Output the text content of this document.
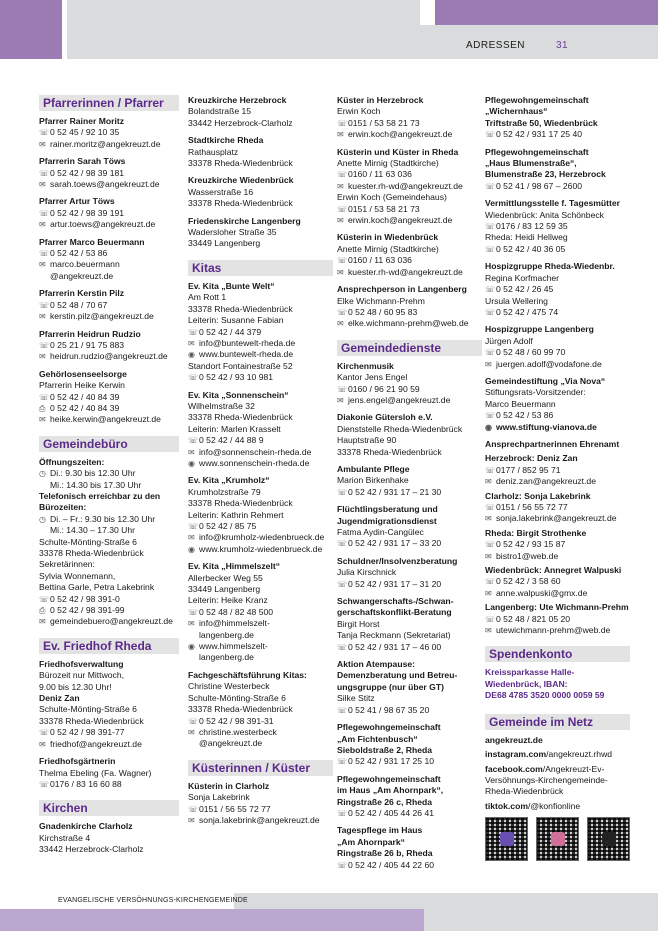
ADRESSEN	31
EVANGELISCHE VERSÖHNUNGS-KIRCHENGEMEINDE
Pfarrerinnen / Pfarrer
Pfarrer Rainer Moritz
☏0 52 45 / 92 10 35
✉ rainer.moritz@angekreuzt.de
Pfarrerin Sarah Töws
☏0 52 42 / 98 39 181
✉ sarah.toews@angekreuzt.de
Pfarrer Artur Töws
☏0 52 42 / 98 39 191
✉ artur.toews@angekreuzt.de
Pfarrer Marco Beuermann
☏0 52 42 / 53 86
✉ marco.beuermann
@angekreuzt.de
Pfarrerin Kerstin Pilz
☏0 52 48 / 70 67
✉ kerstin.pilz@angekreuzt.de
Pfarrerin Heidrun Rudzio
☏0 25 21 / 91 75 883
✉ heidrun.rudzio@angekreuzt.de
Gehörlosenseelsorge
Pfarrerin Heike Kerwin
☏0 52 42 / 40 84 39
⎙ 0 52 42 / 40 84 39
✉ heike.kerwin@angekreuzt.de
Gemeindebüro
Öffnungszeiten:
◷ Di.: 9.30 bis 12.30 Uhr
Mi.: 14.30 bis 17.30 Uhr
Telefonisch erreichbar zu den Bürozeiten:
◷ Di. – Fr.: 9.30 bis 12.30 Uhr
Mi.: 14.30 – 17.30 Uhr
Schulte-Mönting-Straße 6
33378 Rheda-Wiedenbrück
Sekretärinnen:
Sylvia Wonnemann,
Bettina Garle, Petra Lakebrink
☏0 52 42 / 98 391-0
⎙ 0 52 42 / 98 391-99
✉ gemeindebuero@angekreuzt.de
Ev. Friedhof Rheda
Friedhofsverwaltung
Bürozeit nur Mittwoch,
9.00 bis 12.30 Uhr!
Deniz Zan
Schulte-Mönting-Straße 6
33378 Rheda-Wiedenbrück
☏0 52 42 / 98 391-77
✉ friedhof@angekreuzt.de
Friedhofsgärtnerin
Thelma Ebeling (Fa. Wagner)
☏0176 / 83 16 60 88
Kirchen
Gnadenkirche Clarholz
Kirchstraße 4
33442 Herzebrock-Clarholz
Kreuzkirche Herzebrock
Bolandstraße 15
33442 Herzebrock-Clarholz
Stadtkirche Rheda
Rathausplatz
33378 Rheda-Wiedenbrück
Kreuzkirche Wiedenbrück
Wasserstraße 16
33378 Rheda-Wiedenbrück
Friedenskirche Langenberg
Wadersloher Straße 35
33449 Langenberg
Kitas
Ev. Kita „Bunte Welt“
Am Rott 1
33378 Rheda-Wiedenbrück
Leiterin: Susanne Fabian
☏0 52 42 / 44 379
✉ info@buntewelt-rheda.de
◉ www.buntewelt-rheda.de
Standort Fontainestraße 52
☏0 52 42 / 93 10 981
Ev. Kita „Sonnenschein“
Wilhelmstraße 32
33378 Rheda-Wiedenbrück
Leiterin: Marlen Krasselt
☏0 52 42 / 44 88 9
✉ info@sonnenschein-rheda.de
◉ www.sonnenschein-rheda.de
Ev. Kita „Krumholz“
Krumholzstraße 79
33378 Rheda-Wiedenbrück
Leiterin: Kathrin Rehmert
☏0 52 42 / 85 75
✉ info@krumholz-wiedenbrueck.de
◉ www.krumholz-wiedenbrueck.de
Ev. Kita „Himmelszelt“
Allerbecker Weg 55
33449 Langenberg
Leiterin: Heike Kranz
☏0 52 48 / 82 48 500
✉ info@himmelszelt-
langenberg.de
◉ www.himmelszelt-
langenberg.de
Fachgeschäftsführung Kitas:
Christine Westerbeck
Schulte-Mönting-Straße 6
33378 Rheda-Wiedenbrück
☏0 52 42 / 98 391-31
✉ christine.westerbeck
@angekreuzt.de
Küsterinnen / Küster
Küsterin in Clarholz
Sonja Lakebrink
☏0151 / 56 55 72 77
✉ sonja.lakebrink@angekreuzt.de
Küster in Herzebrock
Erwin Koch
☏0151 / 53 58 21 73
✉ erwin.koch@angekreuzt.de
Küsterin und Küster in Rheda
Anette Mirnig (Stadtkirche)
☏0160 / 11 63 036
✉ kuester.rh-wd@angekreuzt.de
Erwin Koch (Gemeindehaus)
☏0151 / 53 58 21 73
✉ erwin.koch@angekreuzt.de
Küsterin in Wiedenbrück
Anette Mirnig (Stadtkirche)
☏0160 / 11 63 036
✉ kuester.rh-wd@angekreuzt.de
Ansprechperson in Langenberg
Elke Wichmann-Prehm
☏0 52 48 / 60 95 83
✉ elke.wichmann-prehm@web.de
Gemeindedienste
Kirchenmusik
Kantor Jens Engel
☏0160 / 96 21 90 59
✉ jens.engel@angekreuzt.de
Diakonie Gütersloh e.V.
Dienststelle Rheda-Wiedenbrück
Hauptstraße 90
33378 Rheda-Wiedenbrück
Ambulante Pflege
Marion Birkenhake
☏0 52 42 / 931 17 – 21 30
Flüchtlingsberatung und
Jugendmigrationsdienst
Fatma Aydin-Cangülec
☏0 52 42 / 931 17 – 33 20
Schuldner/Insolvenzberatung
Julia Kirschnick
☏0 52 42 / 931 17 – 31 20
Schwangerschafts-/Schwan-
gerschaftskonflikt-Beratung
Birgit Horst
Tanja Reckmann (Sekretariat)
☏0 52 42 / 931 17 – 46 00
Aktion Atempause:
Demenzberatung und Betreu-
ungsgruppe (nur über GT)
Silke Stitz
☏0 52 41 / 98 67 35 20
Pflegewohngemeinschaft
„Am Fichtenbusch“
Sieboldstraße 2, Rheda
☏0 52 42 / 931 17 25 10
Pflegewohngemeinschaft
im Haus „Am Ahornpark“,
Ringstraße 26 c, Rheda
☏0 52 42 / 405 44 26 41
Tagespflege im Haus
„Am Ahornpark“
Ringstraße 26 b, Rheda
☏0 52 42 / 405 44 22 60
Pflegewohngemeinschaft
„Wichernhaus“
Triftstraße 50, Wiedenbrück
☏0 52 42 / 931 17 25 40
Pflegewohngemeinschaft
„Haus Blumenstraße“,
Blumenstraße 23, Herzebrock
☏0 52 41 / 98 67 – 2600
Vermittlungsstelle f. Tagesmütter
Wiedenbrück: Anita Schönbeck
☏0176 / 83 12 59 35
Rheda: Heidi Hellweg
☏0 52 42 / 40 36 05
Hospizgruppe Rheda-Wiedenbr.
Regina Korfmacher
☏0 52 42 / 26 45
Ursula Wellering
☏0 52 42 / 475 74
Hospizgruppe Langenberg
Jürgen Adolf
☏0 52 48 / 60 99 70
✉ juergen.adolf@vodafone.de
Gemeindestiftung „Via Nova“
Stiftungsrats-Vorsitzender:
Marco Beuermann
☏0 52 42 / 53 86
◉ www.stiftung-vianova.de
Ansprechpartnerinnen Ehrenamt
Herzebrock: Deniz Zan
☏0177 / 852 95 71
✉ deniz.zan@angekreuzt.de
Clarholz: Sonja Lakebrink
☏0151 / 56 55 72 77
✉ sonja.lakebrink@angekreuzt.de
Rheda: Birgit Strothenke
☏0 52 42 / 93 15 87
✉ bistro1@web.de
Wiedenbrück: Annegret Walpuski
☏0 52 42 / 3 58 60
✉ anne.walpuski@gmx.de
Langenberg: Ute Wichmann-Prehm
☏0 52 48 / 821 05 20
✉ utewichmann-prehm@web.de
Spendenkonto
Kreissparkasse Halle-
Wiedenbrück, IBAN:
DE68 4785 3520 0000 0059 59
Gemeinde im Netz
angekreuzt.de
instagram.com/angekreuzt.rhwd
facebook.com/Angekreuzt-Ev-
Versöhnungs-Kirchengemeinde-
Rheda-Wiedenbrück
tiktok.com/@konfionline
